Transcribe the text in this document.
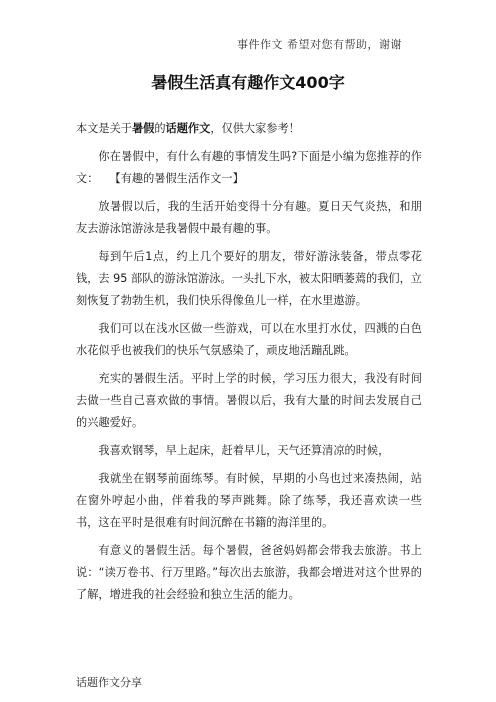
事件作文 希望对您有帮助，谢谢
暑假生活真有趣作文400字

本文是关于暑假的话题作文，仅供大家参考！

你在暑假中，有什么有趣的事情发生吗?下面是小编为您推荐的作文：　　【有趣的暑假生活作文一】

放暑假以后，我的生活开始变得十分有趣。夏日天气炎热，和朋友去游泳馆游泳是我暑假中最有趣的事。

每到午后1点，约上几个要好的朋友，带好游泳装备，带点零花钱，去 95 部队的游泳馆游泳。一头扎下水，被太阳晒萎蔫的我们，立刻恢复了勃勃生机，我们快乐得像鱼儿一样，在水里遨游。

我们可以在浅水区做一些游戏，可以在水里打水仗，四溅的白色水花似乎也被我们的快乐气氛感染了，顽皮地活蹦乱跳。

充实的暑假生活。平时上学的时候，学习压力很大，我没有时间去做一些自己喜欢做的事情。暑假以后，我有大量的时间去发展自己的兴趣爱好。

我喜欢钢琴，早上起床，赶着早儿，天气还算清凉的时候，

我就坐在钢琴前面练琴。有时候，早期的小鸟也过来凑热闹，站在窗外哼起小曲，伴着我的琴声跳舞。除了练琴，我还喜欢读一些书，这在平时是很难有时间沉醉在书籍的海洋里的。

有意义的暑假生活。每个暑假，爸爸妈妈都会带我去旅游。书上说：“读万卷书、行万里路。”每次出去旅游，我都会增进对这个世界的了解，增进我的社会经验和独立生活的能力。

话题作文分享
